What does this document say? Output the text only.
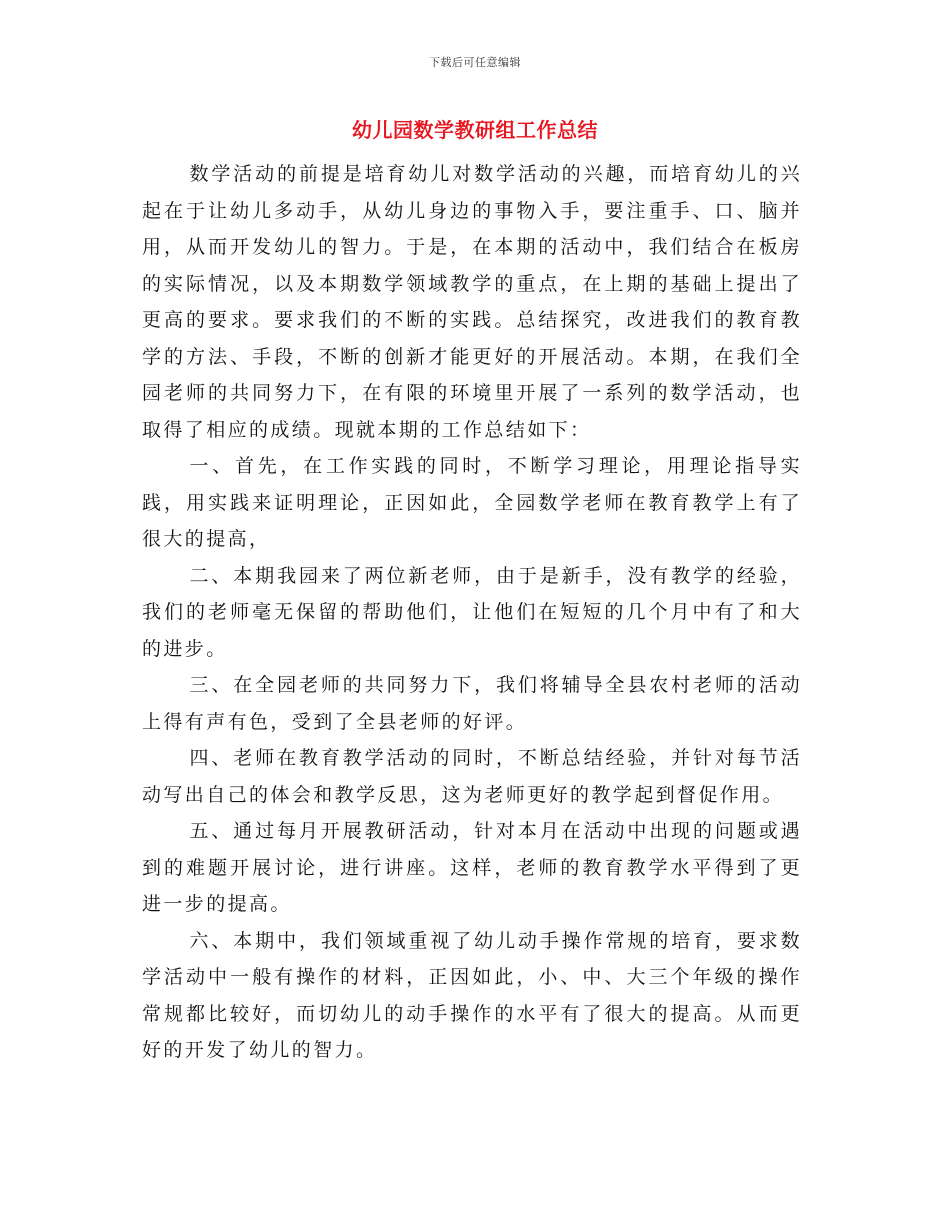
下载后可任意编辑
幼儿园数学教研组工作总结

数学活动的前提是培育幼儿对数学活动的兴趣，而培育幼儿的兴起在于让幼儿多动手，从幼儿身边的事物入手，要注重手、口、脑并用，从而开发幼儿的智力。于是，在本期的活动中，我们结合在板房的实际情况，以及本期数学领域教学的重点，在上期的基础上提出了更高的要求。要求我们的不断的实践。总结探究，改进我们的教育教学的方法、手段，不断的创新才能更好的开展活动。本期，在我们全园老师的共同努力下，在有限的环境里开展了一系列的数学活动，也取得了相应的成绩。现就本期的工作总结如下：

一、首先，在工作实践的同时，不断学习理论，用理论指导实践，用实践来证明理论，正因如此，全园数学老师在教育教学上有了很大的提高，

二、本期我园来了两位新老师，由于是新手，没有教学的经验，我们的老师毫无保留的帮助他们，让他们在短短的几个月中有了和大的进步。

三、在全园老师的共同努力下，我们将辅导全县农村老师的活动上得有声有色，受到了全县老师的好评。

四、老师在教育教学活动的同时，不断总结经验，并针对每节活动写出自己的体会和教学反思，这为老师更好的教学起到督促作用。

五、通过每月开展教研活动，针对本月在活动中出现的问题或遇到的难题开展讨论，进行讲座。这样，老师的教育教学水平得到了更进一步的提高。

六、本期中，我们领域重视了幼儿动手操作常规的培育，要求数学活动中一般有操作的材料，正因如此，小、中、大三个年级的操作常规都比较好，而切幼儿的动手操作的水平有了很大的提高。从而更好的开发了幼儿的智力。
